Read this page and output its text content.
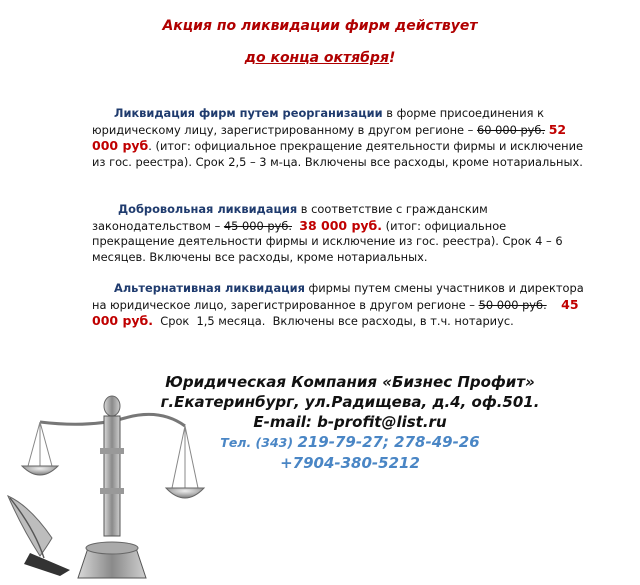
Акция по ликвидации фирм действует
до конца октября!
Ликвидация фирм путем реорганизации в форме присоединения к юридическому лицу, зарегистрированному в другом регионе – 60 000 руб. 52 000 руб. (итог: официальное прекращение деятельности фирмы и исключение из гос. реестра). Срок 2,5 – 3 м-ца. Включены все расходы, кроме нотариальных.
Добровольная ликвидация в соответствие с гражданским законодательством – 45 000 руб. 38 000 руб. (итог: официальное прекращение деятельности фирмы и исключение из гос. реестра). Срок 4 – 6 месяцев. Включены все расходы, кроме нотариальных.
Альтернативная ликвидация фирмы путем смены участников и директора на юридическое лицо, зарегистрированное в другом регионе – 50 000 руб. 45 000 руб.  Срок  1,5 месяца.  Включены все расходы, в т.ч. нотариус.
Юридическая Компания «Бизнес Профит»
г.Екатеринбург, ул.Радищева, д.4, оф.501.
E-mail: b-profit@list.ru
Тел. (343) 219-79-27; 278-49-26
+7904-380-5212
